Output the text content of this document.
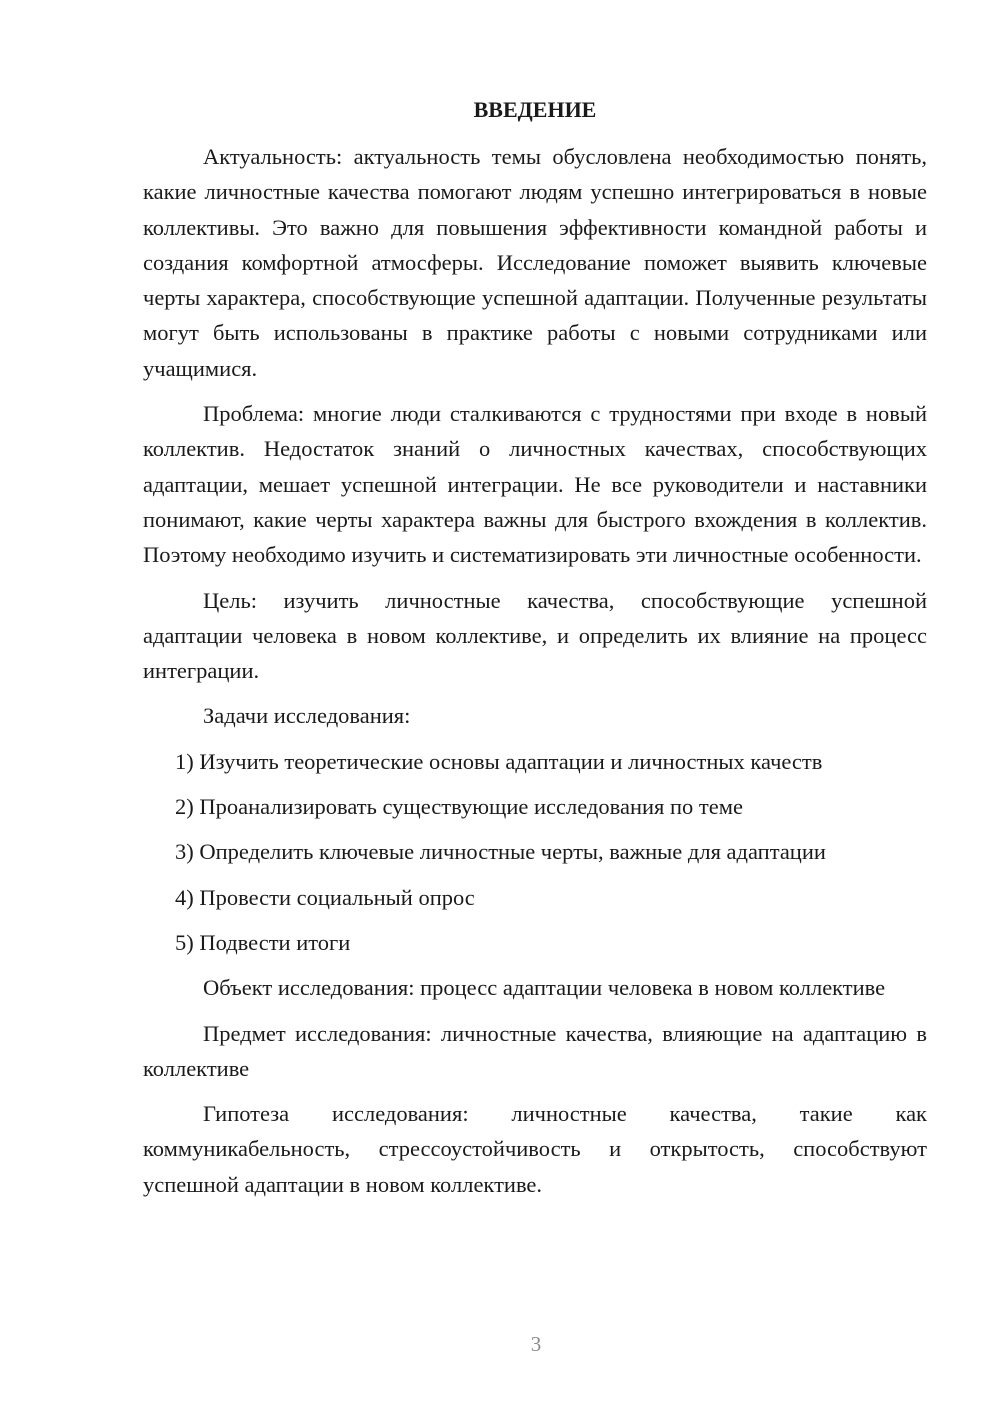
ВВЕДЕНИЕ

Актуальность: актуальность темы обусловлена необходимостью понять, какие личностные качества помогают людям успешно интегрироваться в новые коллективы. Это важно для повышения эффективности командной работы и создания комфортной атмосферы. Исследование поможет выявить ключевые черты характера, способствующие успешной адаптации. Полученные результаты могут быть использованы в практике работы с новыми сотрудниками или учащимися.

Проблема: многие люди сталкиваются с трудностями при входе в новый коллектив. Недостаток знаний о личностных качествах, способствующих адаптации, мешает успешной интеграции. Не все руководители и наставники понимают, какие черты характера важны для быстрого вхождения в коллектив. Поэтому необходимо изучить и систематизировать эти личностные особенности.

Цель: изучить личностные качества, способствующие успешной адаптации человека в новом коллективе, и определить их влияние на процесс интеграции.

Задачи исследования:

1) Изучить теоретические основы адаптации и личностных качеств
2) Проанализировать существующие исследования по теме
3) Определить ключевые личностные черты, важные для адаптации
4) Провести социальный опрос
5) Подвести итоги

Объект исследования: процесс адаптации человека в новом коллективе

Предмет исследования: личностные качества, влияющие на адаптацию в коллективе

Гипотеза исследования: личностные качества, такие как коммуникабельность, стрессоустойчивость и открытость, способствуют успешной адаптации в новом коллективе.

3
